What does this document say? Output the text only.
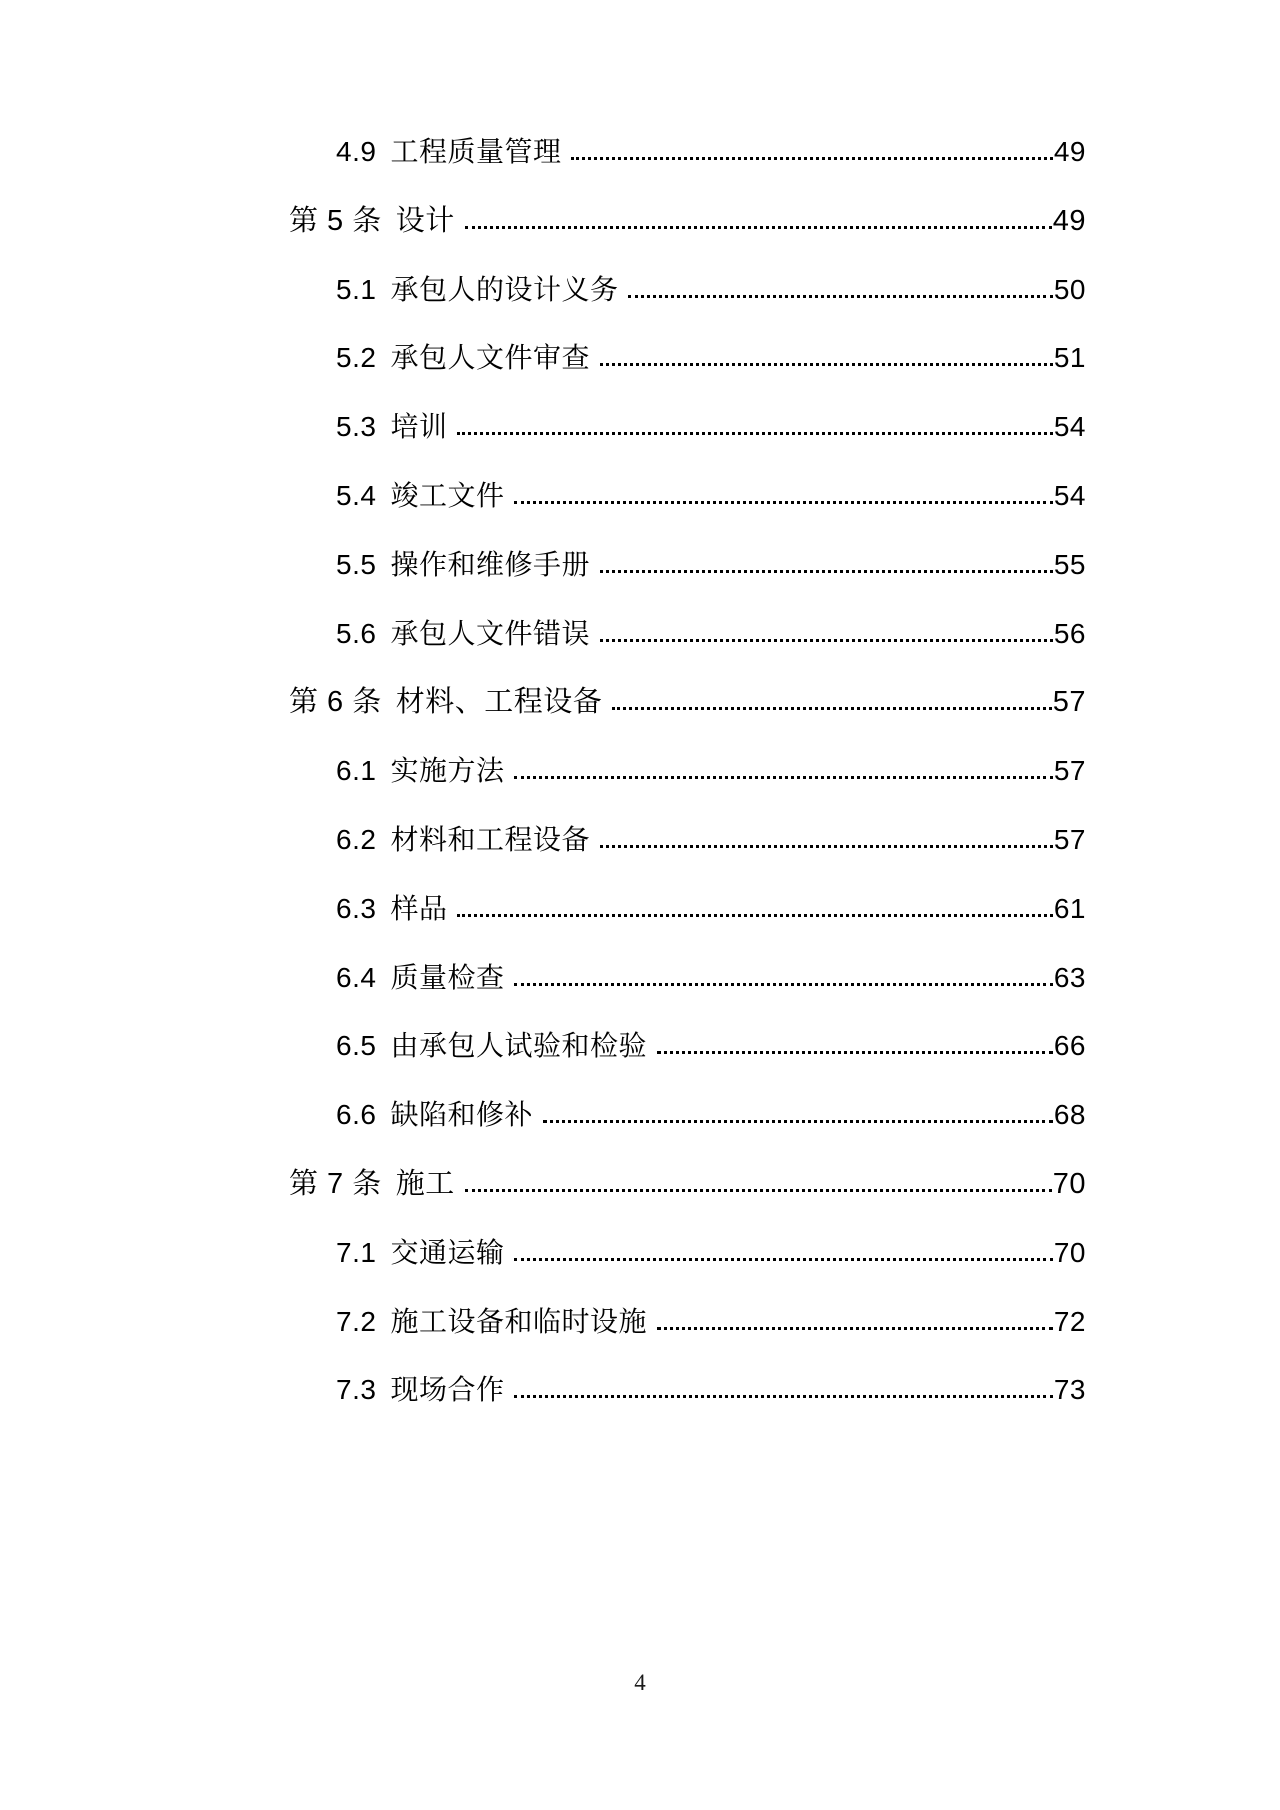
4.9 工程质量管理	49
第 5 条 设计	49
5.1 承包人的设计义务	50
5.2 承包人文件审查	51
5.3 培训	54
5.4 竣工文件	54
5.5 操作和维修手册	55
5.6 承包人文件错误	56
第 6 条 材料、工程设备	57
6.1 实施方法	57
6.2 材料和工程设备	57
6.3 样品	61
6.4 质量检查	63
6.5 由承包人试验和检验	66
6.6 缺陷和修补	68
第 7 条 施工	70
7.1 交通运输	70
7.2 施工设备和临时设施	72
7.3 现场合作	73
4
